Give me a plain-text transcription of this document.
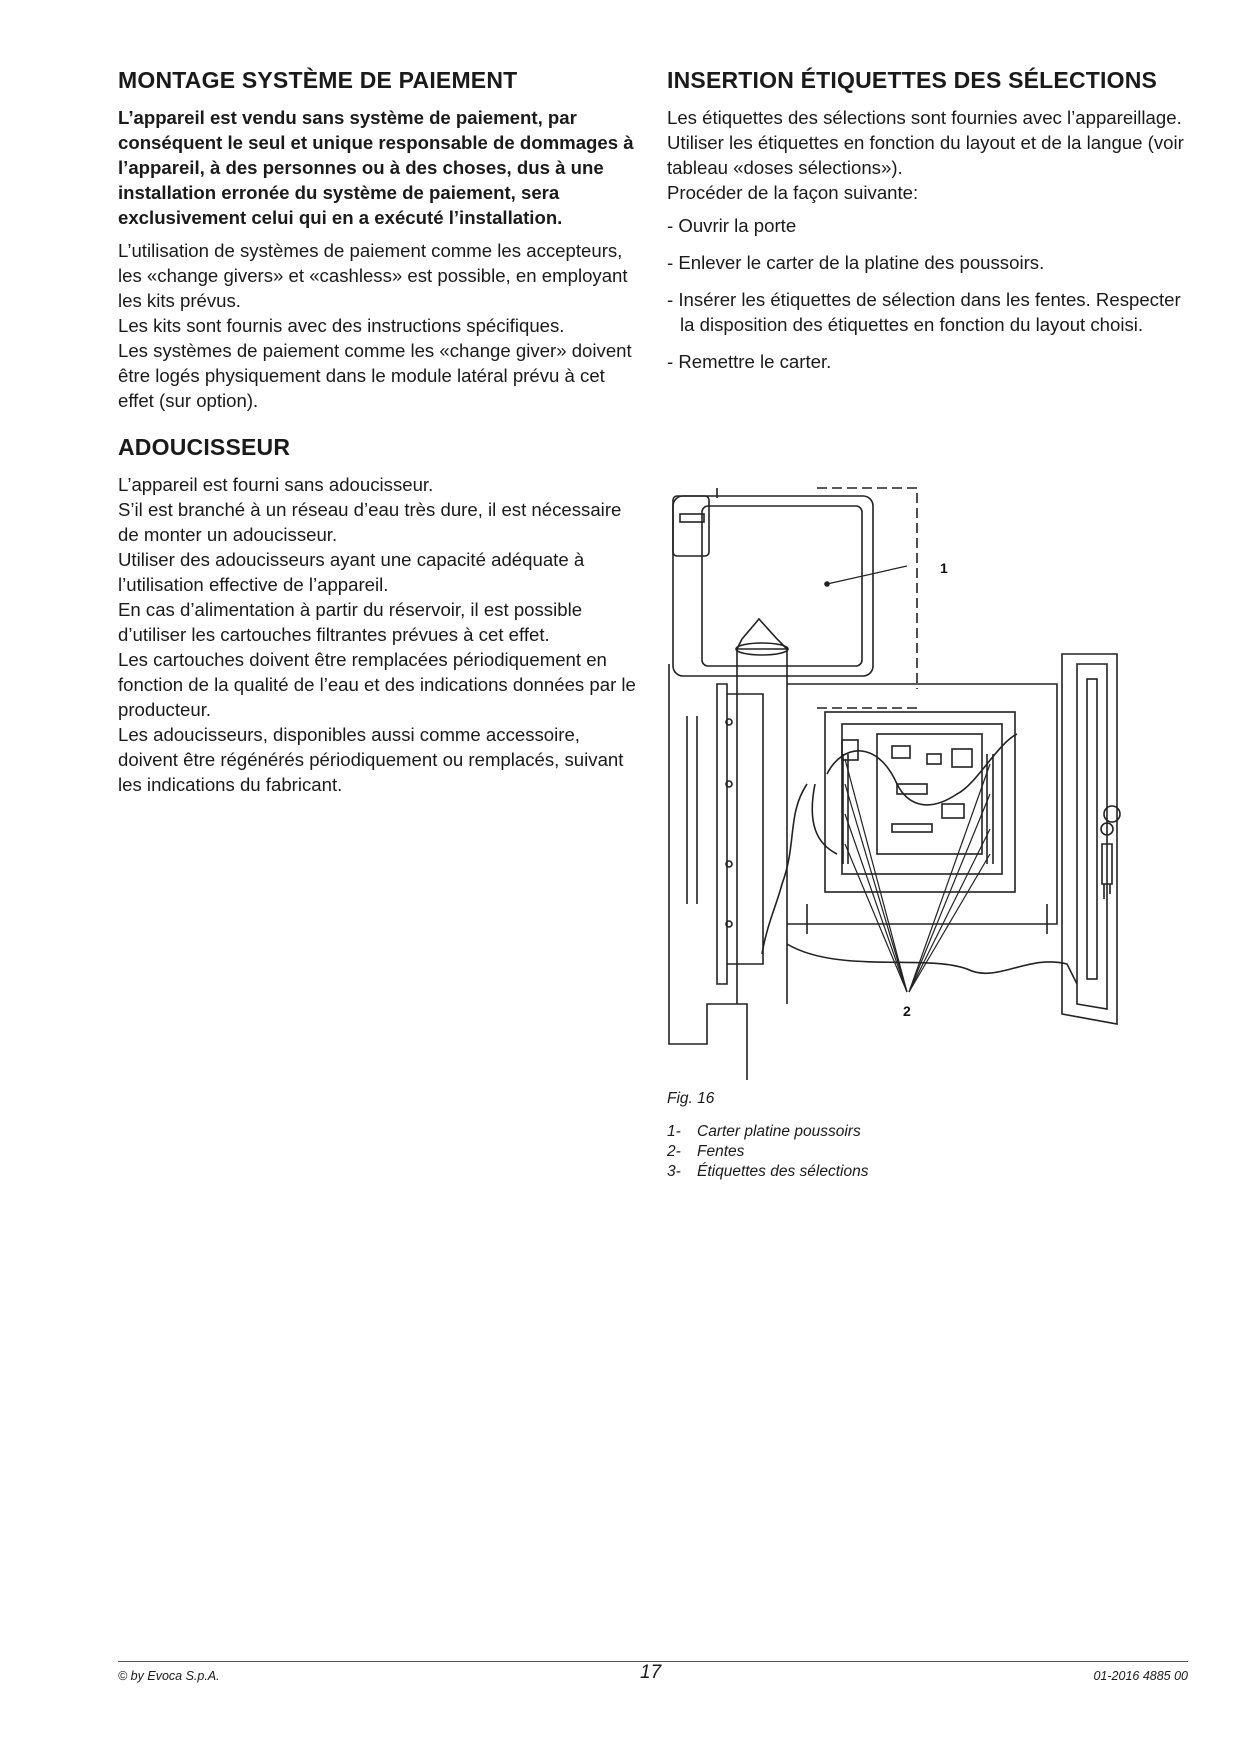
MONTAGE SYSTÈME DE PAIEMENT

L’appareil est vendu sans système de paiement, par conséquent le seul et unique responsable de dommages à l’appareil, à des personnes ou à des choses, dus à une installation erronée du système de paiement, sera exclusivement celui qui en a exécuté l’installation.

L’utilisation de systèmes de paiement comme les accepteurs, les «change givers» et «cashless» est possible, en employant les kits prévus.

Les kits sont fournis avec des instructions spécifiques.

Les systèmes de paiement comme les «change giver» doivent être logés physiquement dans le module latéral prévu à cet effet (sur option).

ADOUCISSEUR

L’appareil est fourni sans adoucisseur.

S’il est branché à un réseau d’eau très dure, il est nécessaire de monter un adoucisseur.

Utiliser des adoucisseurs ayant une capacité adéquate à l’utilisation effective de l’appareil.

En cas d’alimentation à partir du réservoir, il est possible d’utiliser les cartouches filtrantes prévues à cet effet.

Les cartouches doivent être remplacées périodiquement en fonction de la qualité de l’eau et des indications données par le producteur.

Les adoucisseurs, disponibles aussi comme accessoire, doivent être régénérés périodiquement ou remplacés, suivant les indications du fabricant.

INSERTION ÉTIQUETTES DES SÉLECTIONS

Les étiquettes des sélections sont fournies avec l’appareillage.

Utiliser les étiquettes en fonction du layout et de la langue (voir tableau «doses sélections»).

Procéder de la façon suivante:

- Ouvrir la porte
- Enlever le carter de la platine des poussoirs.
- Insérer les étiquettes de sélection dans les fentes. Respecter la disposition des étiquettes en fonction du layout choisi.
- Remettre le carter.
1
2
Fig. 16
1- Carter platine poussoirs
2- Fentes
3- Étiquettes des sélections
© by Evoca S.p.A.	17	01-2016 4885 00
